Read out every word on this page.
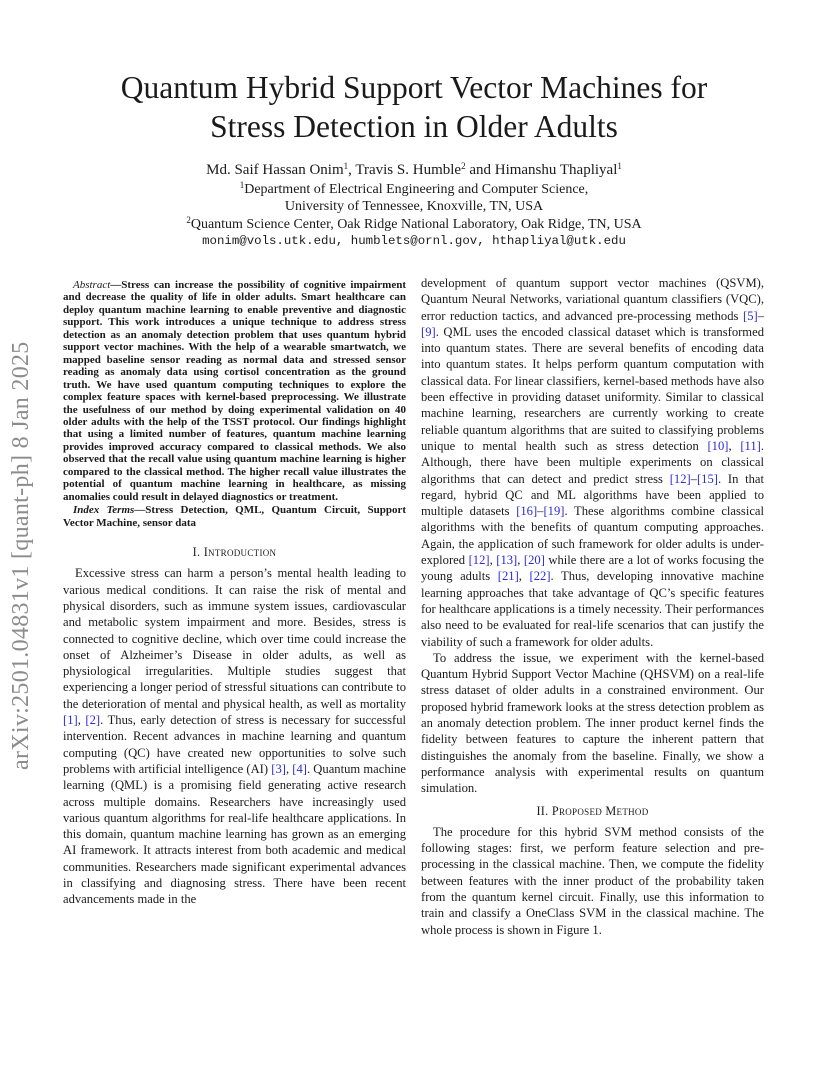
arXiv:2501.04831v1 [quant-ph] 8 Jan 2025
Quantum Hybrid Support Vector Machines for
Stress Detection in Older Adults
Md. Saif Hassan Onim$^1$, Travis S. Humble$^2$ and Himanshu Thapliyal$^1$
$^1$Department of Electrical Engineering and Computer Science,
University of Tennessee, Knoxville, TN, USA
$^2$Quantum Science Center, Oak Ridge National Laboratory, Oak Ridge, TN, USA
monim@vols.utk.edu, humblets@ornl.gov, hthapliyal@utk.edu

Abstract—Stress can increase the possibility of cognitive impairment and decrease the quality of life in older adults. Smart healthcare can deploy quantum machine learning to enable preventive and diagnostic support. This work introduces a unique technique to address stress detection as an anomaly detection problem that uses quantum hybrid support vector machines. With the help of a wearable smartwatch, we mapped baseline sensor reading as normal data and stressed sensor reading as anomaly data using cortisol concentration as the ground truth. We have used quantum computing techniques to explore the complex feature spaces with kernel-based preprocessing. We illustrate the usefulness of our method by doing experimental validation on 40 older adults with the help of the TSST protocol. Our findings highlight that using a limited number of features, quantum machine learning provides improved accuracy compared to classical methods. We also observed that the recall value using quantum machine learning is higher compared to the classical method. The higher recall value illustrates the potential of quantum machine learning in healthcare, as missing anomalies could result in delayed diagnostics or treatment.

Index Terms—Stress Detection, QML, Quantum Circuit, Support Vector Machine, sensor data

I. Introduction

Excessive stress can harm a person’s mental health leading to various medical conditions. It can raise the risk of mental and physical disorders, such as immune system issues, cardiovascular and metabolic system impairment and more. Besides, stress is connected to cognitive decline, which over time could increase the onset of Alzheimer’s Disease in older adults, as well as physiological irregularities. Multiple studies suggest that experiencing a longer period of stressful situations can contribute to the deterioration of mental and physical health, as well as mortality [1], [2]. Thus, early detection of stress is necessary for successful intervention. Recent advances in machine learning and quantum computing (QC) have created new opportunities to solve such problems with artificial intelligence (AI) [3], [4]. Quantum machine learning (QML) is a promising field generating active research across multiple domains. Researchers have increasingly used various quantum algorithms for real-life healthcare applications. In this domain, quantum machine learning has grown as an emerging AI framework. It attracts interest from both academic and medical communities. Researchers made significant experimental advances in classifying and diagnosing stress. There have been recent advancements made in the

development of quantum support vector machines (QSVM), Quantum Neural Networks, variational quantum classifiers (VQC), error reduction tactics, and advanced pre-processing methods [5]–[9]. QML uses the encoded classical dataset which is transformed into quantum states. There are several benefits of encoding data into quantum states. It helps perform quantum computation with classical data. For linear classifiers, kernel-based methods have also been effective in providing dataset uniformity. Similar to classical machine learning, researchers are currently working to create reliable quantum algorithms that are suited to classifying problems unique to mental health such as stress detection [10], [11]. Although, there have been multiple experiments on classical algorithms that can detect and predict stress [12]–[15]. In that regard, hybrid QC and ML algorithms have been applied to multiple datasets [16]–[19]. These algorithms combine classical algorithms with the benefits of quantum computing approaches. Again, the application of such framework for older adults is under-explored [12], [13], [20] while there are a lot of works focusing the young adults [21], [22]. Thus, developing innovative machine learning approaches that take advantage of QC’s specific features for healthcare applications is a timely necessity. Their performances also need to be evaluated for real-life scenarios that can justify the viability of such a framework for older adults.

To address the issue, we experiment with the kernel-based Quantum Hybrid Support Vector Machine (QHSVM) on a real-life stress dataset of older adults in a constrained environment. Our proposed hybrid framework looks at the stress detection problem as an anomaly detection problem. The inner product kernel finds the fidelity between features to capture the inherent pattern that distinguishes the anomaly from the baseline. Finally, we show a performance analysis with experimental results on quantum simulation.

II. Proposed Method

The procedure for this hybrid SVM method consists of the following stages: first, we perform feature selection and pre-processing in the classical machine. Then, we compute the fidelity between features with the inner product of the probability taken from the quantum kernel circuit. Finally, use this information to train and classify a OneClass SVM in the classical machine. The whole process is shown in Figure 1.
